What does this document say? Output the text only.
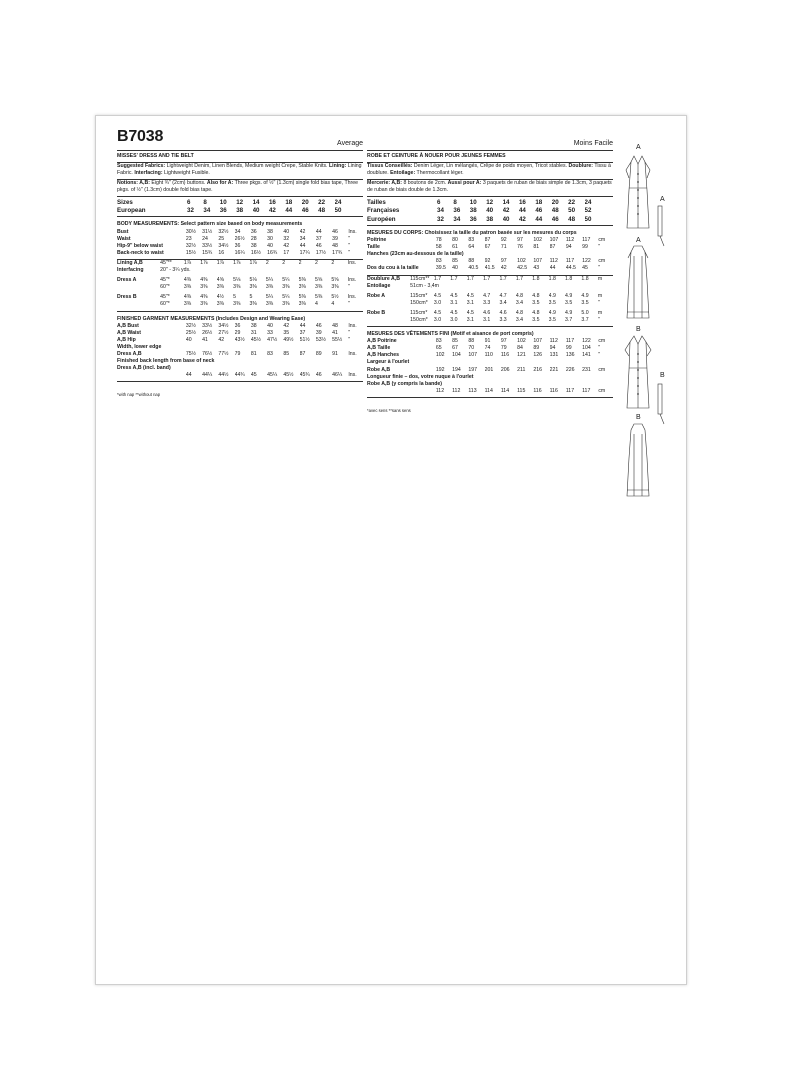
B7038	Average
MISSES' DRESS AND TIE BELT

Suggested Fabrics: Lightweight Denim, Linen Blends, Medium weight Crepe, Stable Knits. Lining: Lining Fabric. Interfacing: Lightweight Fusible.

Notions: A,B: Eight ¾" (2cm) buttons. Also for A: Three pkgs. of ½" (1.3cm) single fold bias tape, Three pkgs. of ½" (1.3cm) double fold bias tape.

Sizes	6	8	10	12	14	16	18	20	22	24
European	32	34	36	38	40	42	44	46	48	50
BODY MEASUREMENTS: Select pattern size based on body measurements
Bust	30½	31½	32½	34	36	38	40	42	44	46	Ins.
Waist	23	24	25	26½	28	30	32	34	37	39	"
Hip-9" below waist	32½	33½	34½	36	38	40	42	44	46	48	"
Back-neck to waist	15½	15¾	16	16¼	16½	16¾	17	17¼	17½	17¾	"
Lining A,B	45"**	1⅞	1⅞	1⅞	1⅞	1⅞	2	2	2	2	2	Ins.
Interfacing	20" - 3¼ yds.											

Dress A	45"*	4⅜	4⅜	4⅝	5⅛	5⅛	5¼	5¼	5⅜	5⅝	5⅝	Ins.
	60"*	3⅜	3⅜	3⅜	3⅜	3⅜	3⅜	3⅜	3⅜	3⅜	3⅜	"

Dress B	45"*	4⅜	4⅜	4½	5	5	5¼	5¼	5⅜	5⅜	5½	Ins.
	60"*	3⅜	3⅜	3⅜	3⅜	3⅜	3⅜	3⅜	3⅜	4	4	"
FINISHED GARMENT MEASUREMENTS (Includes Design and Wearing Ease)
A,B Bust	32½	33½	34½	36	38	40	42	44	46	48	Ins.
A,B Waist	25½	26½	27½	29	31	33	35	37	39	41	"
A,B Hip	40	41	42	43½	45½	47½	49½	51½	53½	55½	"
Width, lower edge											
Dress A,B	75½	76½	77½	79	81	83	85	87	89	91	Ins.
Finished back length from base of neck											
Dress A,B (incl. band)											
	44	44¼	44½	44¾	45	45¼	45½	45¾	46	46¼	Ins.
*with nap **without nap
Moins Facile
ROBE ET CEINTURE À NOUER POUR JEUNES FEMMES

Tissus Conseillés: Denim Léger, Lin mélangés, Crêpe de poids moyen, Tricot stables. Doublure: Tissu à doublure. Entoilage: Thermocollant léger.

Mercerie: A,B: 8 boutons de 2cm. Aussi pour A: 3 paquets de ruban de biais simple de 1.3cm, 3 paquets de ruban de biais double de 1.3cm.

Tailles	6	8	10	12	14	16	18	20	22	24
Françaises	34	36	38	40	42	44	46	48	50	52
Européen	32	34	36	38	40	42	44	46	48	50
MESURES DU CORPS: Choisissez la taille du patron basée sur les mesures du corps
Poitrine	78	80	83	87	92	97	102	107	112	117	cm
Taille	58	61	64	67	71	76	81	87	94	99	"
Hanches (23cm au-dessous de la taille)											
	83	85	88	92	97	102	107	112	117	122	cm
Dos du cou à la taille	39.5	40	40.5	41.5	42	42.5	43	44	44.5	45	"
Doublure A,B	115cm**	1.7	1.7	1.7	1.7	1.7	1.7	1.8	1.8	1.8	1.8	m
Entoilage	51cm - 3,4m											

Robe A	115cm*	4.5	4.5	4.5	4.7	4.7	4.8	4.8	4.9	4.9	4.9	m
	150cm*	3.0	3.1	3.1	3.3	3.4	3.4	3.5	3.5	3.5	3.5	"

Robe B	115cm*	4.5	4.5	4.5	4.6	4.6	4.8	4.8	4.9	4.9	5.0	m
	150cm*	3.0	3.0	3.1	3.1	3.3	3.4	3.5	3.5	3.7	3.7	"
MESURES DES VÊTEMENTS FINI (Motif et aisance de port compris)
A,B Poitrine	83	85	88	91	97	102	107	112	117	122	cm
A,B Taille	65	67	70	74	79	84	89	94	99	104	"
A,B Hanches	102	104	107	110	116	121	126	131	136	141	"
Largeur à l'ourlet											
Robe A,B	192	194	197	201	206	211	216	221	226	231	cm
Longueur finie – dos, votre nuque à l'ourlet											
Robe A,B (y compris la bande)											
	112	112	113	114	114	115	116	116	117	117	cm
*avec sens **sans sens
A
A
A
B
B
B
